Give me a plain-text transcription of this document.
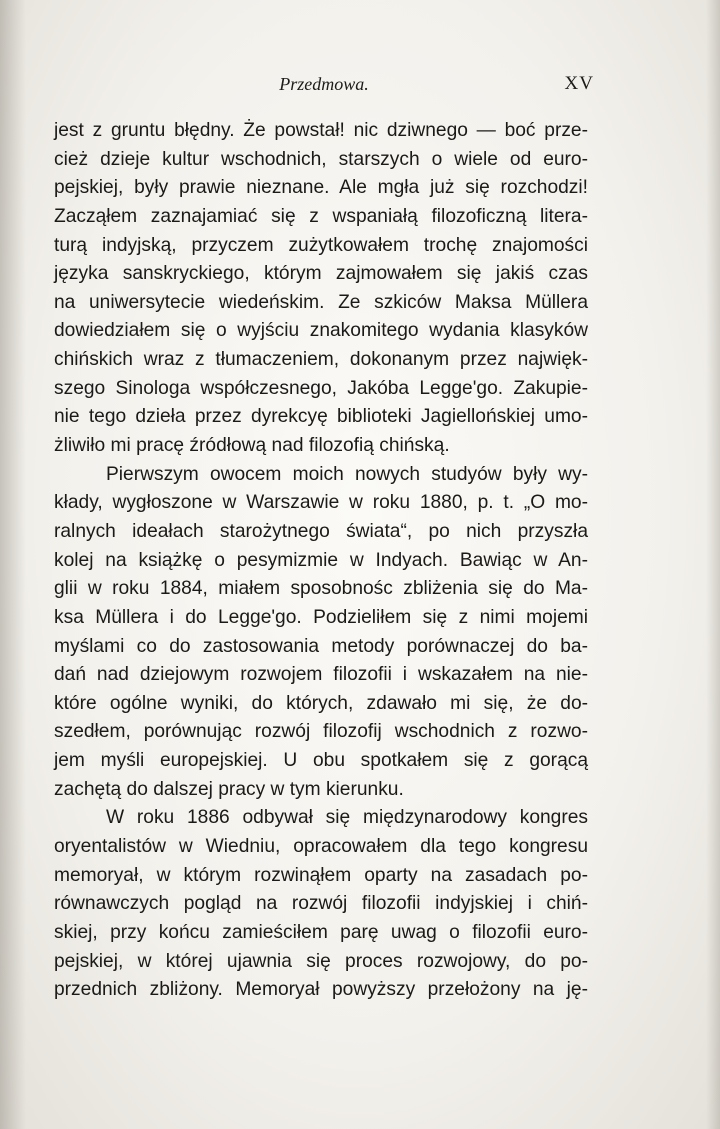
Przedmowa.	XV
jest z gruntu błędny. Że powstał! nic dziwnego — boć prze-
cież dzieje kultur wschodnich, starszych o wiele od euro-
pejskiej, były prawie nieznane. Ale mgła już się rozchodzi!
Zacząłem zaznajamiać się z wspaniałą filozoficzną litera-
turą indyjską, przyczem zużytkowałem trochę znajomości
języka sanskryckiego, którym zajmowałem się jakiś czas
na uniwersytecie wiedeńskim. Ze szkiców Maksa Müllera
dowiedziałem się o wyjściu znakomitego wydania klasyków
chińskich wraz z tłumaczeniem, dokonanym przez najwięk-
szego Sinologa współczesnego, Jakóba Legge'go. Zakupie-
nie tego dzieła przez dyrekcyę biblioteki Jagiellońskiej umo-
żliwiło mi pracę źródłową nad filozofią chińską.
Pierwszym owocem moich nowych studyów były wy-
kłady, wygłoszone w Warszawie w roku 1880, p. t. „O mo-
ralnych ideałach starożytnego świata“, po nich przyszła
kolej na książkę o pesymizmie w Indyach. Bawiąc w An-
glii w roku 1884, miałem sposobnośc zbliżenia się do Ma-
ksa Müllera i do Legge'go. Podzieliłem się z nimi mojemi
myślami co do zastosowania metody porównaczej do ba-
dań nad dziejowym rozwojem filozofii i wskazałem na nie-
które ogólne wyniki, do których, zdawało mi się, że do-
szedłem, porównując rozwój filozofij wschodnich z rozwo-
jem myśli europejskiej. U obu spotkałem się z gorącą
zachętą do dalszej pracy w tym kierunku.
W roku 1886 odbywał się międzynarodowy kongres
oryentalistów w Wiedniu, opracowałem dla tego kongresu
memoryał, w którym rozwinąłem oparty na zasadach po-
równawczych pogląd na rozwój filozofii indyjskiej i chiń-
skiej, przy końcu zamieściłem parę uwag o filozofii euro-
pejskiej, w której ujawnia się proces rozwojowy, do po-
przednich zbliżony. Memoryał powyższy przełożony na ję-
